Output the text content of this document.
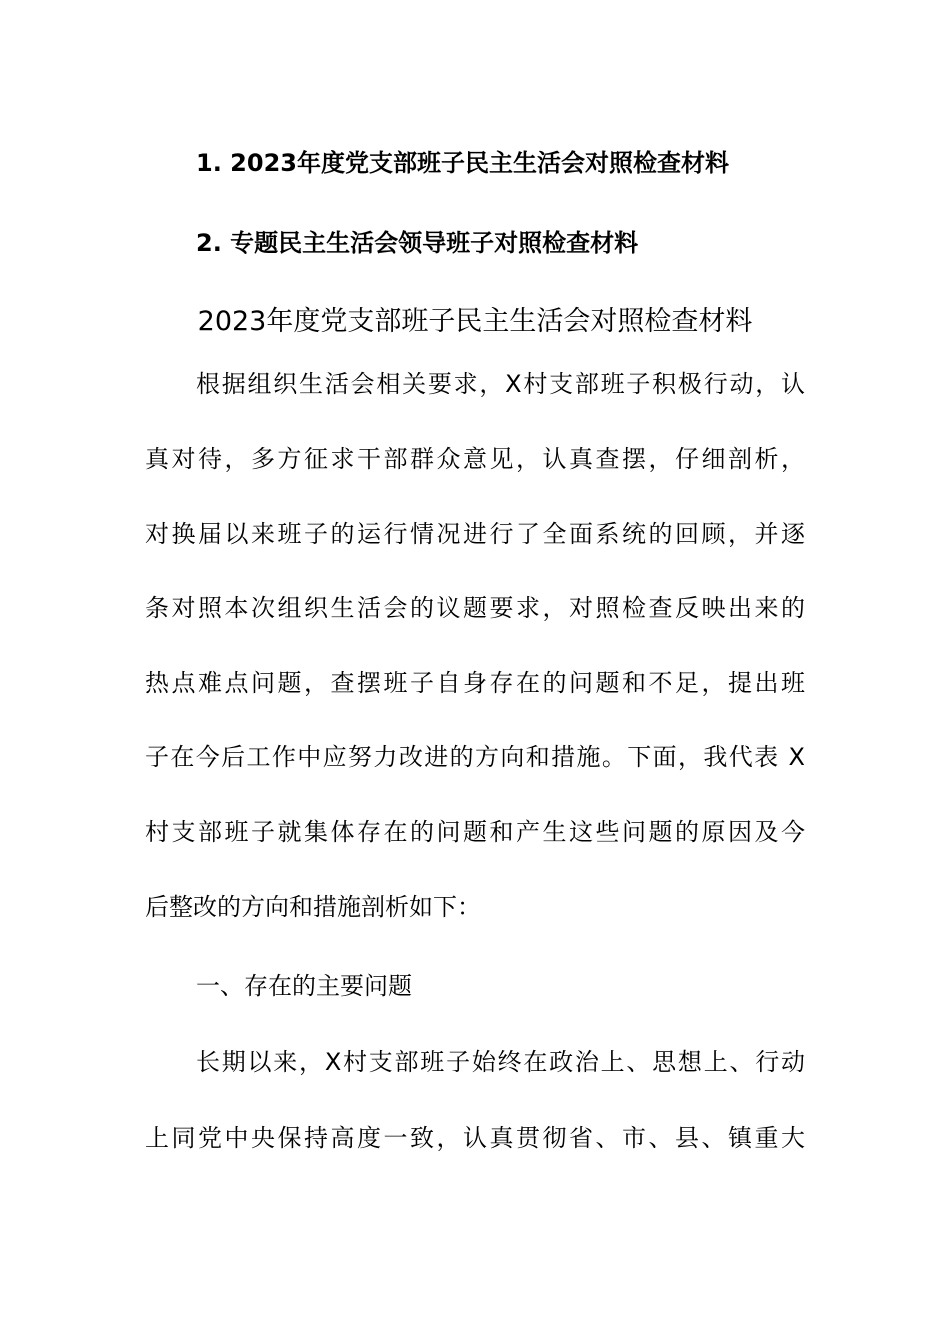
1. 2023年度党支部班子民主生活会对照检查材料
2. 专题民主生活会领导班子对照检查材料
2023年度党支部班子民主生活会对照检查材料
根据组织生活会相关要求，X村支部班子积极行动，认
真对待，多方征求干部群众意见，认真查摆，仔细剖析，
对换届以来班子的运行情况进行了全面系统的回顾，并逐
条对照本次组织生活会的议题要求，对照检查反映出来的
热点难点问题，查摆班子自身存在的问题和不足，提出班
子在今后工作中应努力改进的方向和措施。下面，我代表 X
村支部班子就集体存在的问题和产生这些问题的原因及今
后整改的方向和措施剖析如下：
一、存在的主要问题
长期以来，X村支部班子始终在政治上、思想上、行动
上同党中央保持高度一致，认真贯彻省、市、县、镇重大
